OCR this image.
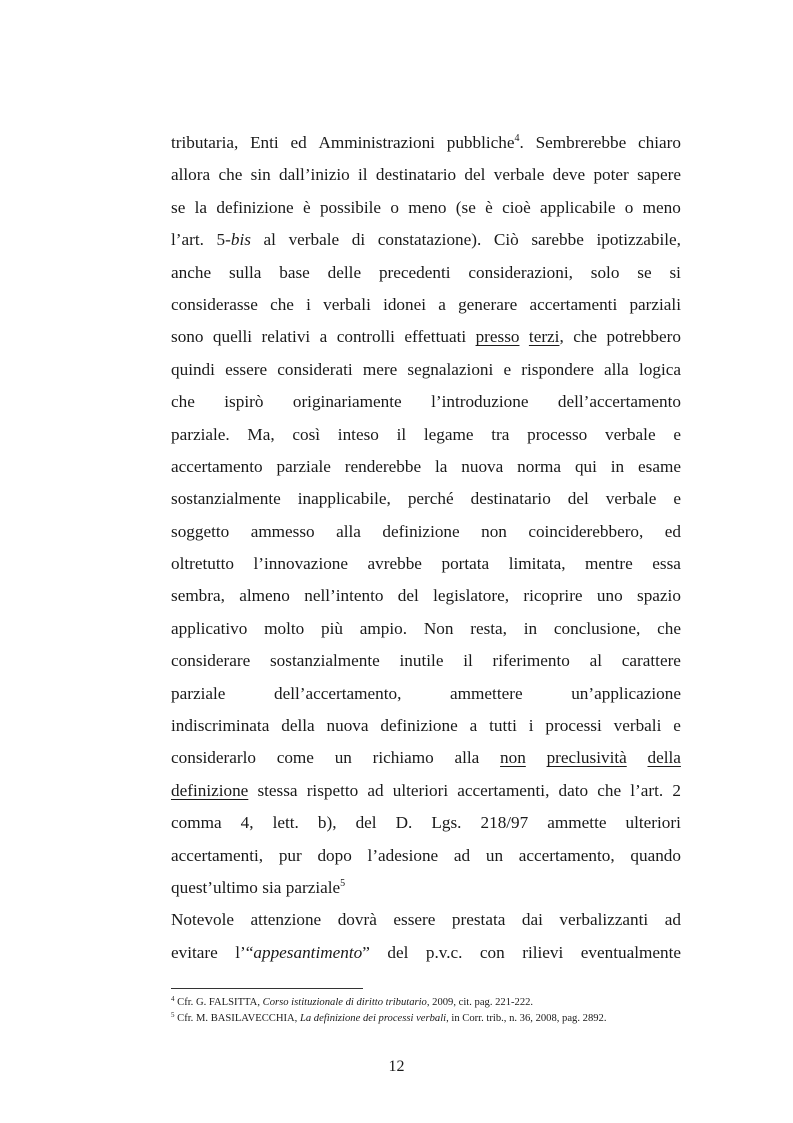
tributaria, Enti ed Amministrazioni pubbliche$^4$. Sembrerebbe chiaro
allora che sin dall’inizio il destinatario del verbale deve poter sapere
se la definizione è possibile o meno (se è cioè applicabile o meno
l’art. 5-bis al verbale di constatazione). Ciò sarebbe ipotizzabile,
anche sulla base delle precedenti considerazioni, solo se si
considerasse che i verbali idonei a generare accertamenti parziali
sono quelli relativi a controlli effettuati presso terzi, che potrebbero
quindi essere considerati mere segnalazioni e rispondere alla logica
che ispirò originariamente l’introduzione dell’accertamento
parziale. Ma, così inteso il legame tra processo verbale e
accertamento parziale renderebbe la nuova norma qui in esame
sostanzialmente inapplicabile, perché destinatario del verbale e
soggetto ammesso alla definizione non coinciderebbero, ed
oltretutto l’innovazione avrebbe portata limitata, mentre essa
sembra, almeno nell’intento del legislatore, ricoprire uno spazio
applicativo molto più ampio. Non resta, in conclusione, che
considerare sostanzialmente inutile il riferimento al carattere
parziale	dell’accertamento,	ammettere	un’applicazione
indiscriminata della nuova definizione a tutti i processi verbali e
considerarlo come un richiamo alla non preclusività della
definizione stessa rispetto ad ulteriori accertamenti, dato che l’art. 2
comma 4, lett. b), del D. Lgs. 218/97 ammette ulteriori
accertamenti, pur dopo l’adesione ad un accertamento, quando
quest’ultimo sia parziale$^5$
Notevole attenzione dovrà essere prestata dai verbalizzanti ad
evitare l’“appesantimento” del p.v.c. con rilievi eventualmente
$^4$ Cfr. G. FALSITTA, Corso istituzionale di diritto tributario, 2009, cit. pag. 221-222.
$^5$ Cfr. M. BASILAVECCHIA, La definizione dei processi verbali, in Corr. trib., n. 36, 2008, pag. 2892.
12
